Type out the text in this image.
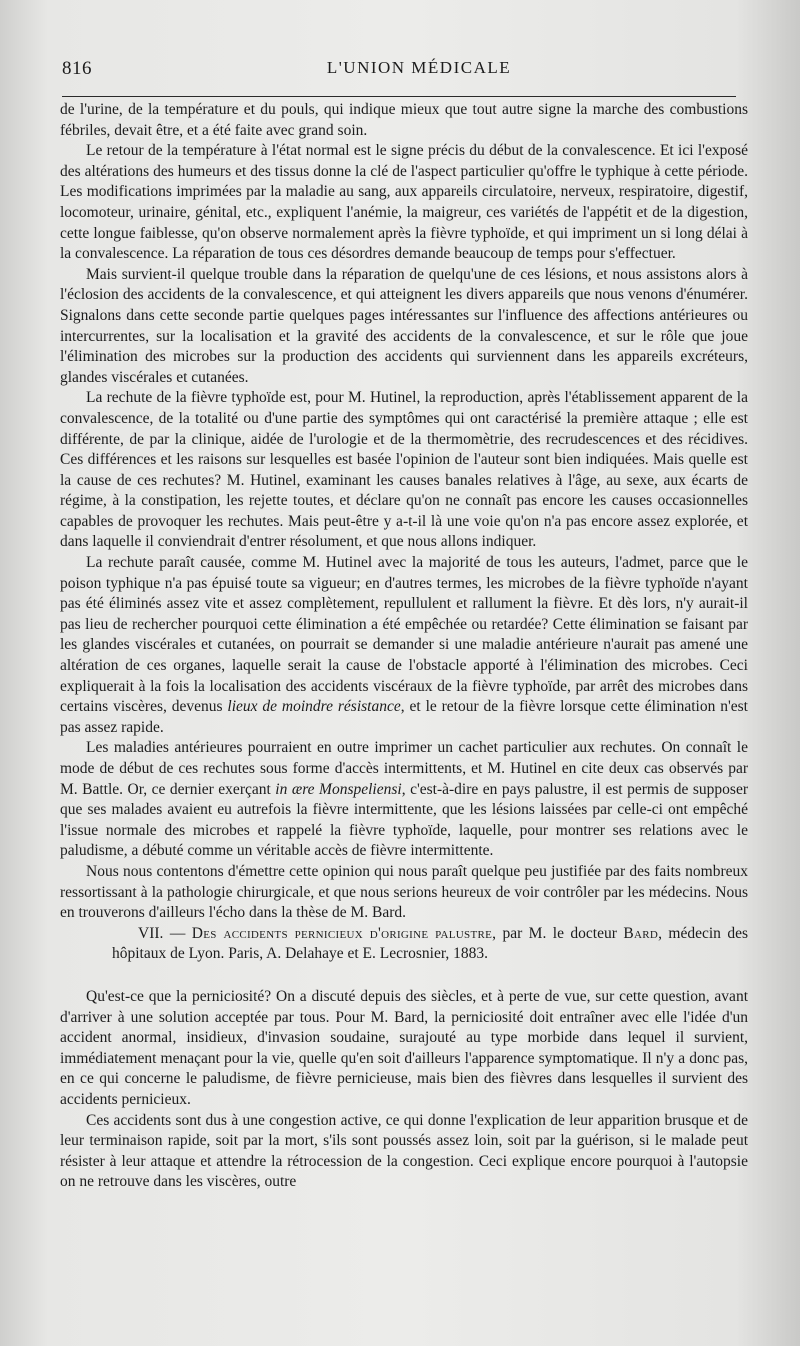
816	L'UNION MÉDICALE

de l'urine, de la température et du pouls, qui indique mieux que tout autre signe la marche des combustions fébriles, devait être, et a été faite avec grand soin.

Le retour de la température à l'état normal est le signe précis du début de la convalescence. Et ici l'exposé des altérations des humeurs et des tissus donne la clé de l'aspect particulier qu'offre le typhique à cette période. Les modifications imprimées par la maladie au sang, aux appareils circulatoire, nerveux, respiratoire, digestif, locomoteur, urinaire, génital, etc., expliquent l'anémie, la maigreur, ces variétés de l'appétit et de la digestion, cette longue faiblesse, qu'on observe normalement après la fièvre typhoïde, et qui impriment un si long délai à la convalescence. La réparation de tous ces désordres demande beaucoup de temps pour s'effectuer.

Mais survient-il quelque trouble dans la réparation de quelqu'une de ces lésions, et nous assistons alors à l'éclosion des accidents de la convalescence, et qui atteignent les divers appareils que nous venons d'énumérer. Signalons dans cette seconde partie quelques pages intéressantes sur l'influence des affections antérieures ou intercurrentes, sur la localisation et la gravité des accidents de la convalescence, et sur le rôle que joue l'élimination des microbes sur la production des accidents qui surviennent dans les appareils excréteurs, glandes viscérales et cutanées.

La rechute de la fièvre typhoïde est, pour M. Hutinel, la reproduction, après l'établissement apparent de la convalescence, de la totalité ou d'une partie des symptômes qui ont caractérisé la première attaque ; elle est différente, de par la clinique, aidée de l'urologie et de la thermomètrie, des recrudescences et des récidives. Ces différences et les raisons sur lesquelles est basée l'opinion de l'auteur sont bien indiquées. Mais quelle est la cause de ces rechutes? M. Hutinel, examinant les causes banales relatives à l'âge, au sexe, aux écarts de régime, à la constipation, les rejette toutes, et déclare qu'on ne connaît pas encore les causes occasionnelles capables de provoquer les rechutes. Mais peut-être y a-t-il là une voie qu'on n'a pas encore assez explorée, et dans laquelle il conviendrait d'entrer résolument, et que nous allons indiquer.

La rechute paraît causée, comme M. Hutinel avec la majorité de tous les auteurs, l'admet, parce que le poison typhique n'a pas épuisé toute sa vigueur; en d'autres termes, les microbes de la fièvre typhoïde n'ayant pas été éliminés assez vite et assez complètement, repullulent et rallument la fièvre. Et dès lors, n'y aurait-il pas lieu de rechercher pourquoi cette élimination a été empêchée ou retardée? Cette élimination se faisant par les glandes viscérales et cutanées, on pourrait se demander si une maladie antérieure n'aurait pas amené une altération de ces organes, laquelle serait la cause de l'obstacle apporté à l'élimination des microbes. Ceci expliquerait à la fois la localisation des accidents viscéraux de la fièvre typhoïde, par arrêt des microbes dans certains viscères, devenus lieux de moindre résistance, et le retour de la fièvre lorsque cette élimination n'est pas assez rapide.

Les maladies antérieures pourraient en outre imprimer un cachet particulier aux rechutes. On connaît le mode de début de ces rechutes sous forme d'accès intermittents, et M. Hutinel en cite deux cas observés par M. Battle. Or, ce dernier exerçant in ære Monspeliensi, c'est-à-dire en pays palustre, il est permis de supposer que ses malades avaient eu autrefois la fièvre intermittente, que les lésions laissées par celle-ci ont empêché l'issue normale des microbes et rappelé la fièvre typhoïde, laquelle, pour montrer ses relations avec le paludisme, a débuté comme un véritable accès de fièvre intermittente.

Nous nous contentons d'émettre cette opinion qui nous paraît quelque peu justifiée par des faits nombreux ressortissant à la pathologie chirurgicale, et que nous serions heureux de voir contrôler par les médecins. Nous en trouverons d'ailleurs l'écho dans la thèse de M. Bard.

VII. — Des accidents pernicieux d'origine palustre, par M. le docteur Bard, médecin des hôpitaux de Lyon. Paris, A. Delahaye et E. Lecrosnier, 1883.

Qu'est-ce que la perniciosité? On a discuté depuis des siècles, et à perte de vue, sur cette question, avant d'arriver à une solution acceptée par tous. Pour M. Bard, la perniciosité doit entraîner avec elle l'idée d'un accident anormal, insidieux, d'invasion soudaine, surajouté au type morbide dans lequel il survient, immédiatement menaçant pour la vie, quelle qu'en soit d'ailleurs l'apparence symptomatique. Il n'y a donc pas, en ce qui concerne le paludisme, de fièvre pernicieuse, mais bien des fièvres dans lesquelles il survient des accidents pernicieux.

Ces accidents sont dus à une congestion active, ce qui donne l'explication de leur apparition brusque et de leur terminaison rapide, soit par la mort, s'ils sont poussés assez loin, soit par la guérison, si le malade peut résister à leur attaque et attendre la rétrocession de la congestion. Ceci explique encore pourquoi à l'autopsie on ne retrouve dans les viscères, outre
